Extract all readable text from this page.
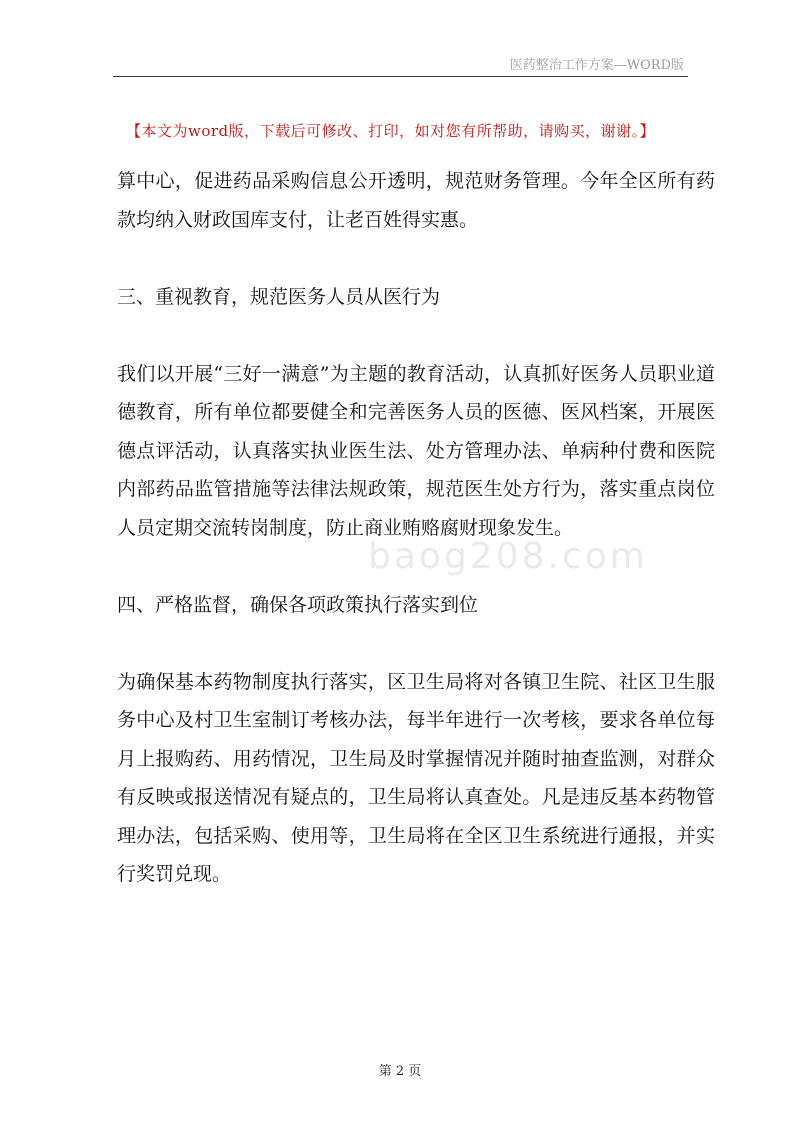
医药整治工作方案—WORD版
【本文为word版，下载后可修改、打印，如对您有所帮助，请购买，谢谢。】

算中心，促进药品采购信息公开透明，规范财务管理。今年全区所有药款均纳入财政国库支付，让老百姓得实惠。

三、重视教育，规范医务人员从医行为

我们以开展“三好一满意”为主题的教育活动，认真抓好医务人员职业道德教育，所有单位都要健全和完善医务人员的医德、医风档案，开展医德点评活动，认真落实执业医生法、处方管理办法、单病种付费和医院内部药品监管措施等法律法规政策，规范医生处方行为，落实重点岗位人员定期交流转岗制度，防止商业贿赂腐财现象发生。

四、严格监督，确保各项政策执行落实到位

为确保基本药物制度执行落实，区卫生局将对各镇卫生院、社区卫生服务中心及村卫生室制订考核办法，每半年进行一次考核，要求各单位每月上报购药、用药情况，卫生局及时掌握情况并随时抽查监测，对群众有反映或报送情况有疑点的，卫生局将认真查处。凡是违反基本药物管理办法，包括采购、使用等，卫生局将在全区卫生系统进行通报，并实行奖罚兑现。

baog208.com
第 2 页
